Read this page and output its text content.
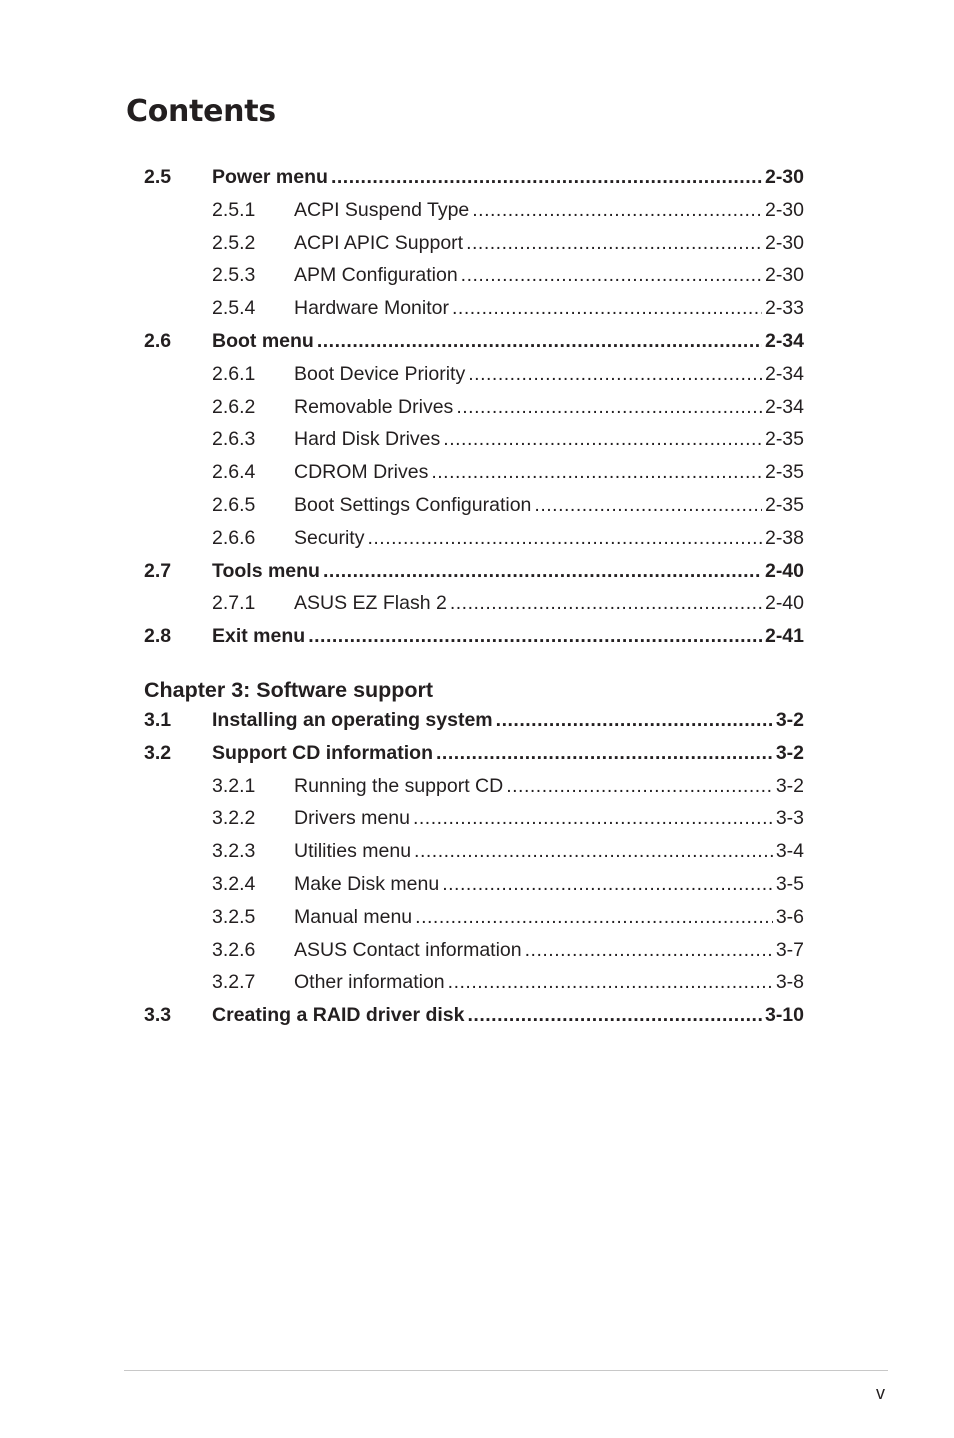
Contents
2.5	Power menu .....	2-30
2.5.1	ACPI Suspend Type .....	2-30
2.5.2	ACPI APIC Support .....	2-30
2.5.3	APM Configuration .....	2-30
2.5.4	Hardware Monitor .....	2-33
2.6	Boot menu .....	2-34
2.6.1	Boot Device Priority .....	2-34
2.6.2	Removable Drives .....	2-34
2.6.3	Hard Disk Drives .....	2-35
2.6.4	CDROM Drives .....	2-35
2.6.5	Boot Settings Configuration .....	2-35
2.6.6	Security .....	2-38
2.7	Tools menu .....	2-40
2.7.1	ASUS EZ Flash 2 .....	2-40
2.8	Exit menu .....	2-41
Chapter 3: Software support
3.1	Installing an operating system .....	3-2
3.2	Support CD information .....	3-2
3.2.1	Running the support CD .....	3-2
3.2.2	Drivers menu .....	3-3
3.2.3	Utilities menu .....	3-4
3.2.4	Make Disk menu .....	3-5
3.2.5	Manual menu .....	3-6
3.2.6	ASUS Contact information .....	3-7
3.2.7	Other information .....	3-8
3.3	Creating a RAID driver disk .....	3-10
v
